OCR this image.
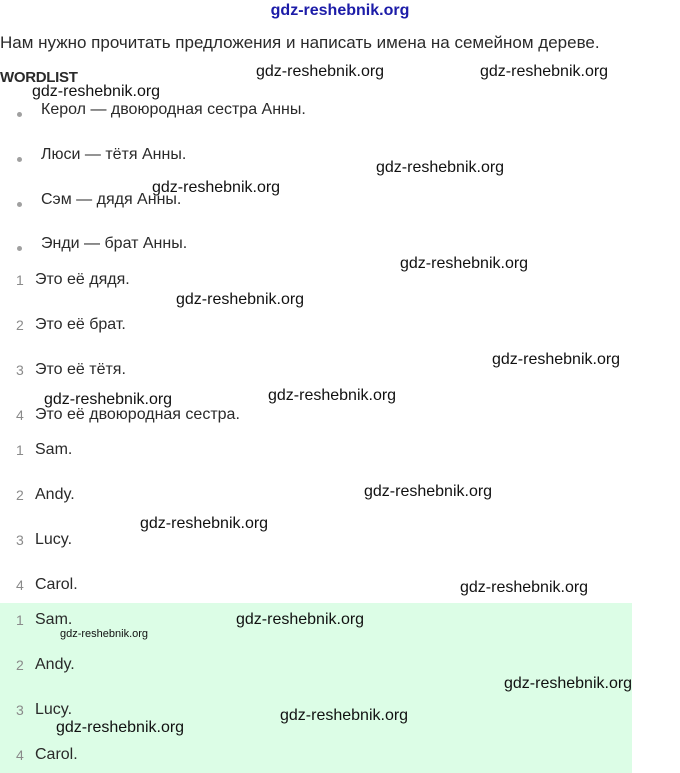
gdz-reshebnik.org
Нам нужно прочитать предложения и написать имена на семейном дереве.
WORDLIST
Керол — двоюродная сестра Анны.
Люси — тётя Анны.
Сэм — дядя Анны.
Энди — брат Анны.
1 Это её дядя.
2 Это её брат.
3 Это её тётя.
4 Это её двоюродная сестра.
1 Sam.
2 Andy.
3 Lucy.
4 Carol.
1 Sam.
2 Andy.
3 Lucy.
4 Carol.
gdz-reshebnik.org	gdz-reshebnik.org
gdz-reshebnik.org
gdz-reshebnik.org
gdz-reshebnik.org
gdz-reshebnik.org
gdz-reshebnik.org
gdz-reshebnik.org
gdz-reshebnik.org
gdz-reshebnik.org
gdz-reshebnik.org
gdz-reshebnik.org
gdz-reshebnik.org
gdz-reshebnik.org
gdz-reshebnik.org
gdz-reshebnik.org
gdz-reshebnik.org
gdz-reshebnik.org
